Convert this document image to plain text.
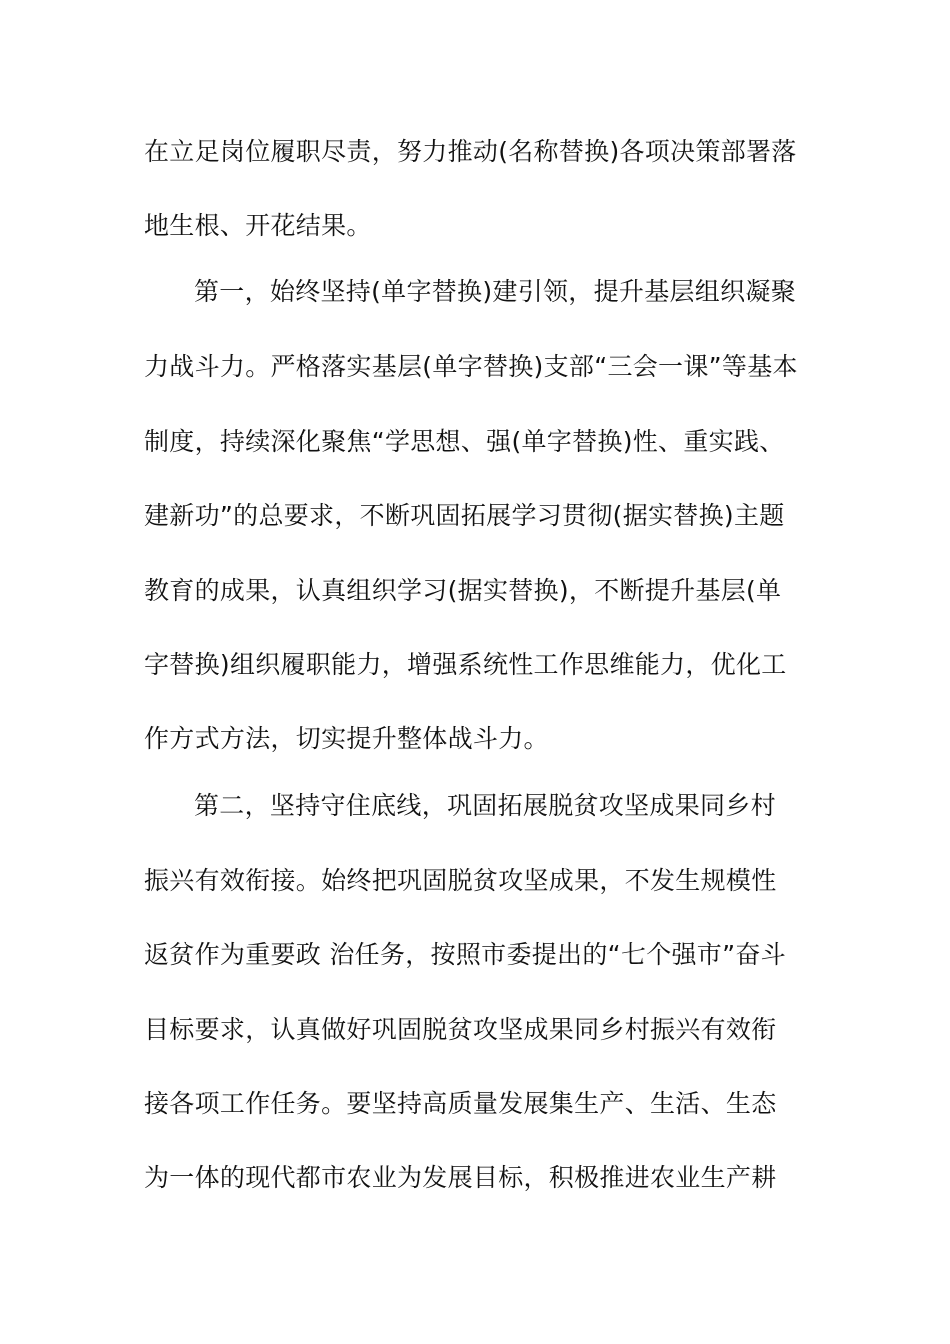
在立足岗位履职尽责，努力推动(名称替换)各项决策部署落
地生根、开花结果。
第一，始终坚持(单字替换)建引领，提升基层组织凝聚
力战斗力。严格落实基层(单字替换)支部“三会一课”等基本
制度，持续深化聚焦“学思想、强(单字替换)性、重实践、
建新功”的总要求，不断巩固拓展学习贯彻(据实替换)主题
教育的成果，认真组织学习(据实替换)，不断提升基层(单
字替换)组织履职能力，增强系统性工作思维能力，优化工
作方式方法，切实提升整体战斗力。
第二，坚持守住底线，巩固拓展脱贫攻坚成果同乡村
振兴有效衔接。始终把巩固脱贫攻坚成果，不发生规模性
返贫作为重要政 治任务，按照市委提出的“七个强市”奋斗
目标要求，认真做好巩固脱贫攻坚成果同乡村振兴有效衔
接各项工作任务。要坚持高质量发展集生产、生活、生态
为一体的现代都市农业为发展目标，积极推进农业生产耕
